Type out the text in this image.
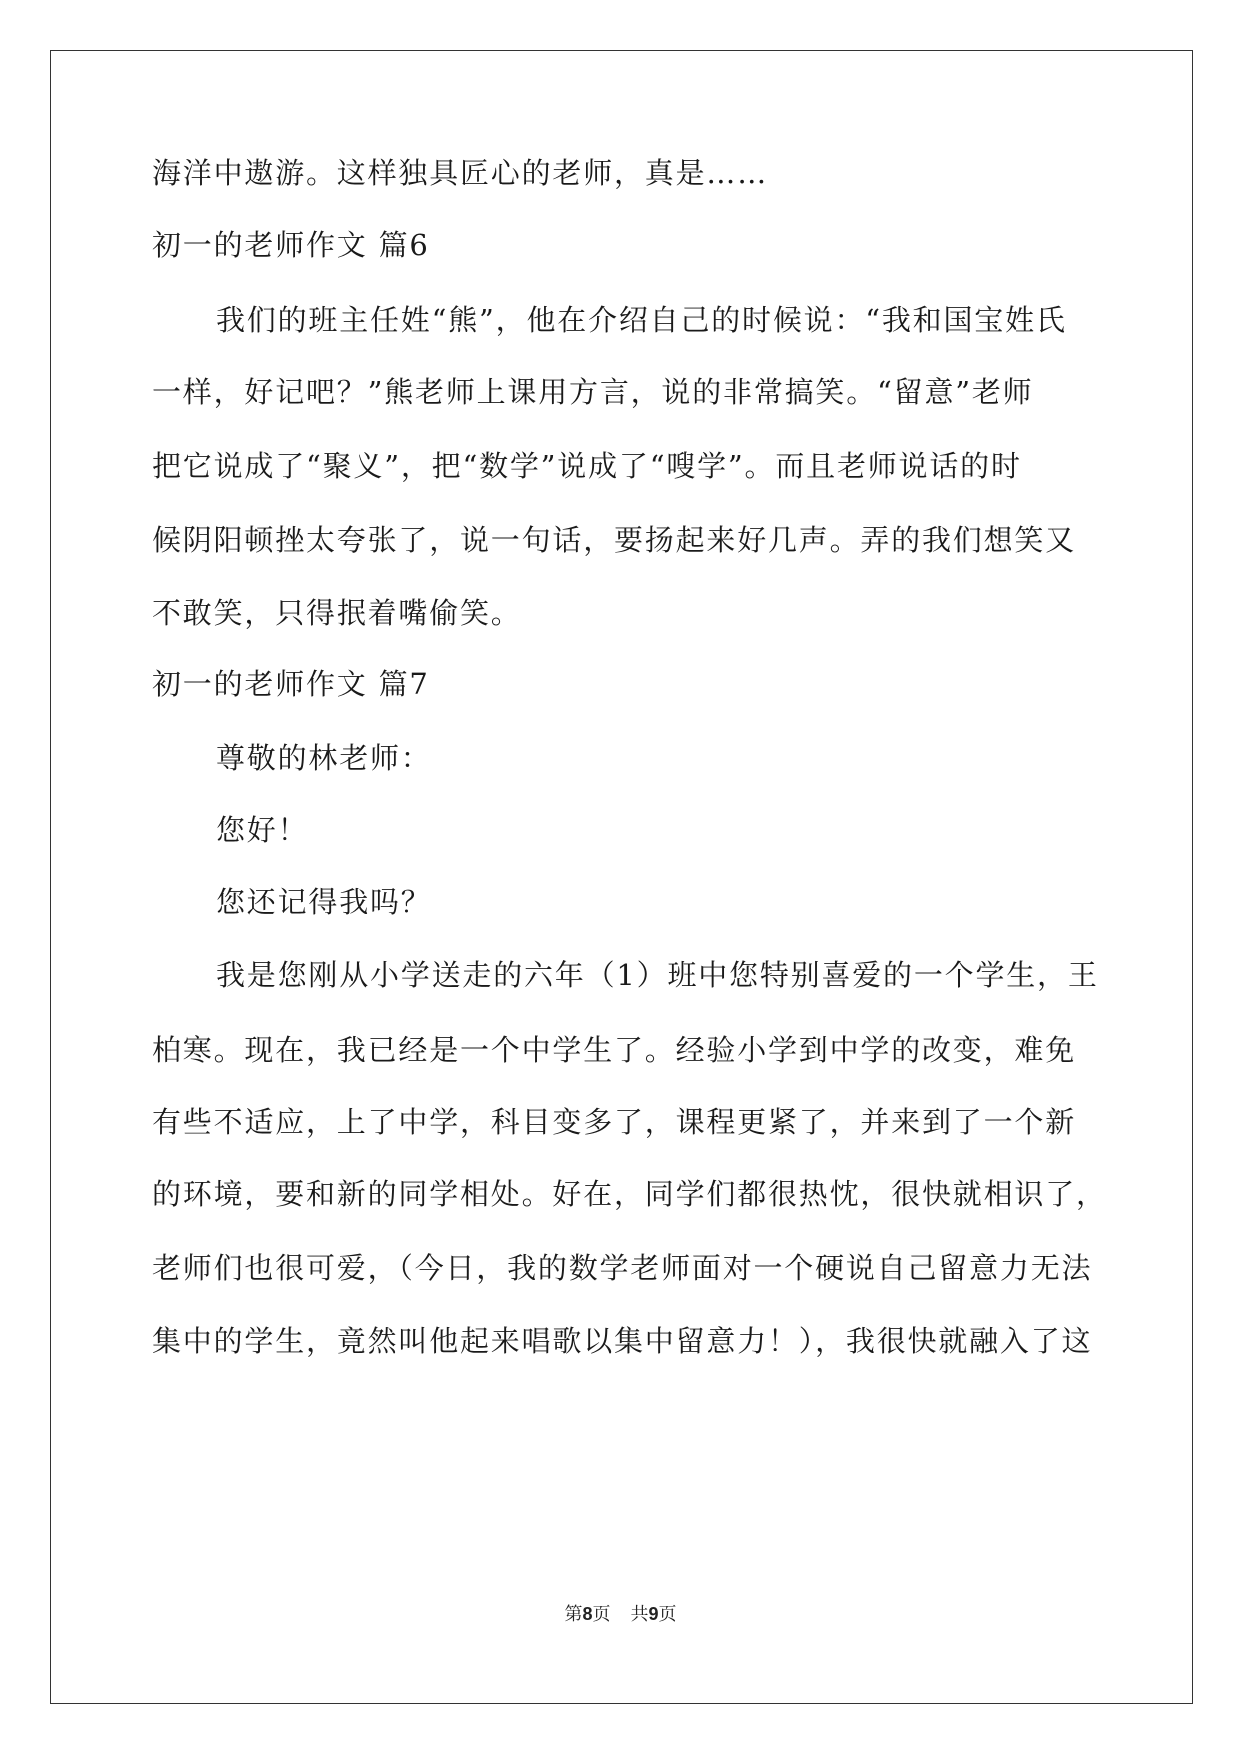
海洋中遨游。这样独具匠心的老师，真是……
初一的老师作文 篇6
我们的班主任姓“熊”，他在介绍自己的时候说：“我和国宝姓氏
一样，好记吧？”熊老师上课用方言，说的非常搞笑。“留意”老师
把它说成了“聚义”，把“数学”说成了“嗖学”。而且老师说话的时
候阴阳顿挫太夸张了，说一句话，要扬起来好几声。弄的我们想笑又
不敢笑，只得抿着嘴偷笑。
初一的老师作文 篇7
尊敬的林老师：
您好！
您还记得我吗？
我是您刚从小学送走的六年（1）班中您特别喜爱的一个学生，王
柏寒。现在，我已经是一个中学生了。经验小学到中学的改变，难免
有些不适应，上了中学，科目变多了，课程更紧了，并来到了一个新
的环境，要和新的同学相处。好在，同学们都很热忱，很快就相识了，
老师们也很可爱，（今日，我的数学老师面对一个硬说自己留意力无法
集中的学生，竟然叫他起来唱歌以集中留意力！），我很快就融入了这
第8页 共9页
